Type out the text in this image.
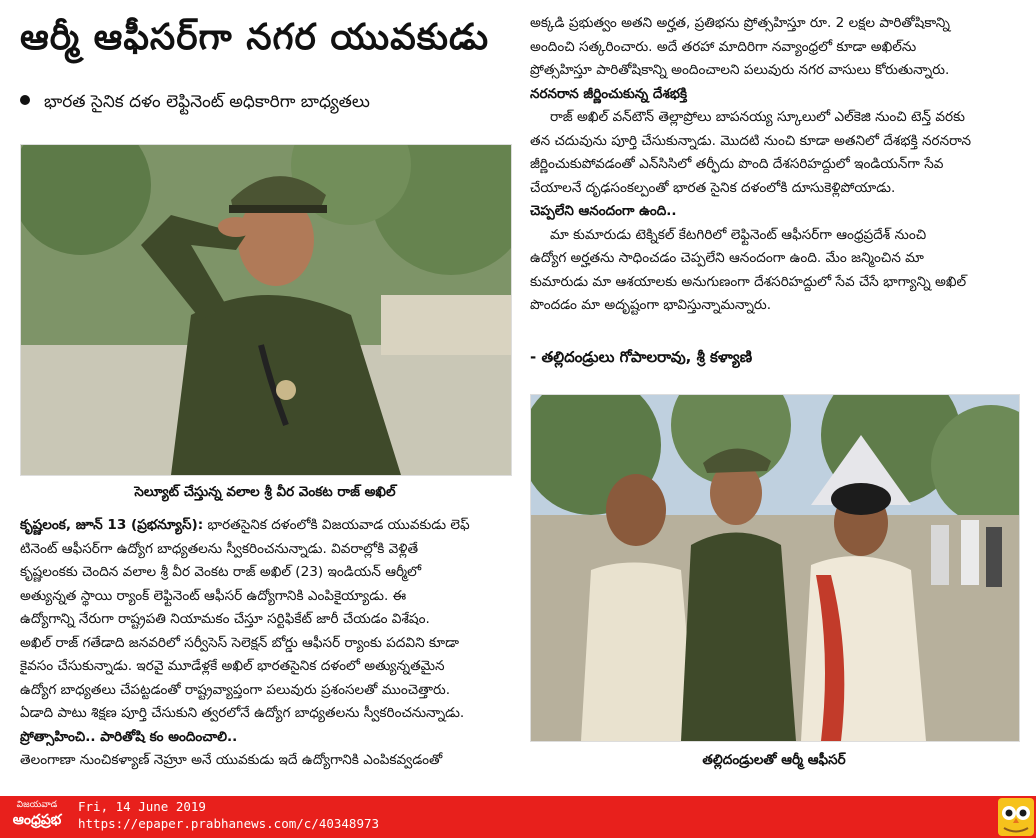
ఆర్మీ ఆఫీసర్‌గా నగర యువకుడు
భారత సైనిక దళం లెఫ్టినెంట్ అధికారిగా బాధ్యతలు
సెల్యూట్ చేస్తున్న వలాల శ్రీ వీర వెంకట రాజ్ అఖిల్
కృష్ణలంక, జూన్ 13 (ప్రభన్యూస్): భారతసైనిక దళంలోకి విజయవాడ యువకుడు లెఫ్
టినెంట్ ఆఫీసర్‌గా ఉద్యోగ బాధ్యతలను స్వీకరించనున్నాడు. వివరాల్లోకి వెళ్లితే
కృష్ణలంకకు చెందిన వలాల శ్రీ వీర వెంకట రాజ్ అఖిల్ (23) ఇండియన్ ఆర్మీలో
అత్యున్నత స్థాయి ర్యాంక్ లెఫ్టినెంట్ ఆఫీసర్ ఉద్యోగానికి ఎంపికైయ్యాడు. ఈ
ఉద్యోగాన్ని నేరుగా రాష్ట్రపతి నియామకం చేస్తూ సర్టిఫికేట్ జారీ చేయడం విశేషం.
అఖిల్ రాజ్ గతేడాది జనవరిలో సర్వీసెస్ సెలెక్షన్ బోర్డు ఆఫీసర్ ర్యాంకు పదవిని కూడా
కైవసం చేసుకున్నాడు. ఇరవై మూడేళ్లకే అఖిల్ భారతసైనిక దళంలో అత్యున్నతమైన
ఉద్యోగ బాధ్యతలు చేపట్టడంతో రాష్ట్రవ్యాప్తంగా పలువురు ప్రశంసలతో ముంచెత్తారు.
ఏడాది పాటు శిక్షణ పూర్తి చేసుకుని త్వరలోనే ఉద్యోగ బాధ్యతలను స్వీకరించనున్నాడు.
ప్రోత్సాహించి.. పారితోషి కం అందించాలి..
తెలంగాణా నుంచికళ్యాణ్ నెహ్రూ అనే యువకుడు ఇదే ఉద్యోగానికి ఎంపికవ్వడంతో
అక్కడి ప్రభుత్వం అతని అర్హత, ప్రతిభను ప్రోత్సహిస్తూ రూ. 2 లక్షల పారితోషికాన్ని
అందించి సత్కరించారు. అదే తరహా మాదిరిగా నవ్యాంధ్రలో కూడా అఖిల్‌ను
ప్రోత్సహిస్తూ పారితోషికాన్ని అందించాలని పలువురు నగర వాసులు కోరుతున్నారు.
నరనరాన జీర్ణించుకున్న దేశభక్తి
రాజ్ అఖిల్ వన్‌టౌన్ తెల్లాప్రోలు బాపనయ్య స్కూలులో ఎల్‌కెజి నుంచి టెన్త్ వరకు
తన చదువును పూర్తి చేసుకున్నాడు. మొదటి నుంచి కూడా అతనిలో దేశభక్తి నరనరాన
జీర్ణించుకుపోవడంతో ఎన్‌సిసిలో తర్ఫీదు పొంది దేశసరిహద్దులో ఇండియన్‌గా సేవ
చేయాలనే దృఢసంకల్పంతో భారత సైనిక దళంలోకి దూసుకెళ్లిపోయాడు.
చెప్పలేని ఆనందంగా ఉంది..
మా కుమారుడు టెక్నికల్ కేటగిరిలో లెఫ్టినెంట్ ఆఫీసర్‌గా ఆంధ్రప్రదేశ్ నుంచి
ఉద్యోగ అర్హతను సాధించడం చెప్పలేని ఆనందంగా ఉంది. మేం జన్మించిన మా
కుమారుడు మా ఆశయాలకు అనుగుణంగా దేశసరిహద్దులో సేవ చేసే భాగ్యాన్ని అఖిల్
పొందడం మా అదృష్టంగా భావిస్తున్నామన్నారు.
- తల్లిదండ్రులు గోపాలరావు, శ్రీ కళ్యాణి
తల్లిదండ్రులతో ఆర్మీ ఆఫీసర్
విజయవాడ
ఆంధ్రప్రభ
Fri, 14 June 2019
https://epaper.prabhanews.com/c/40348973
